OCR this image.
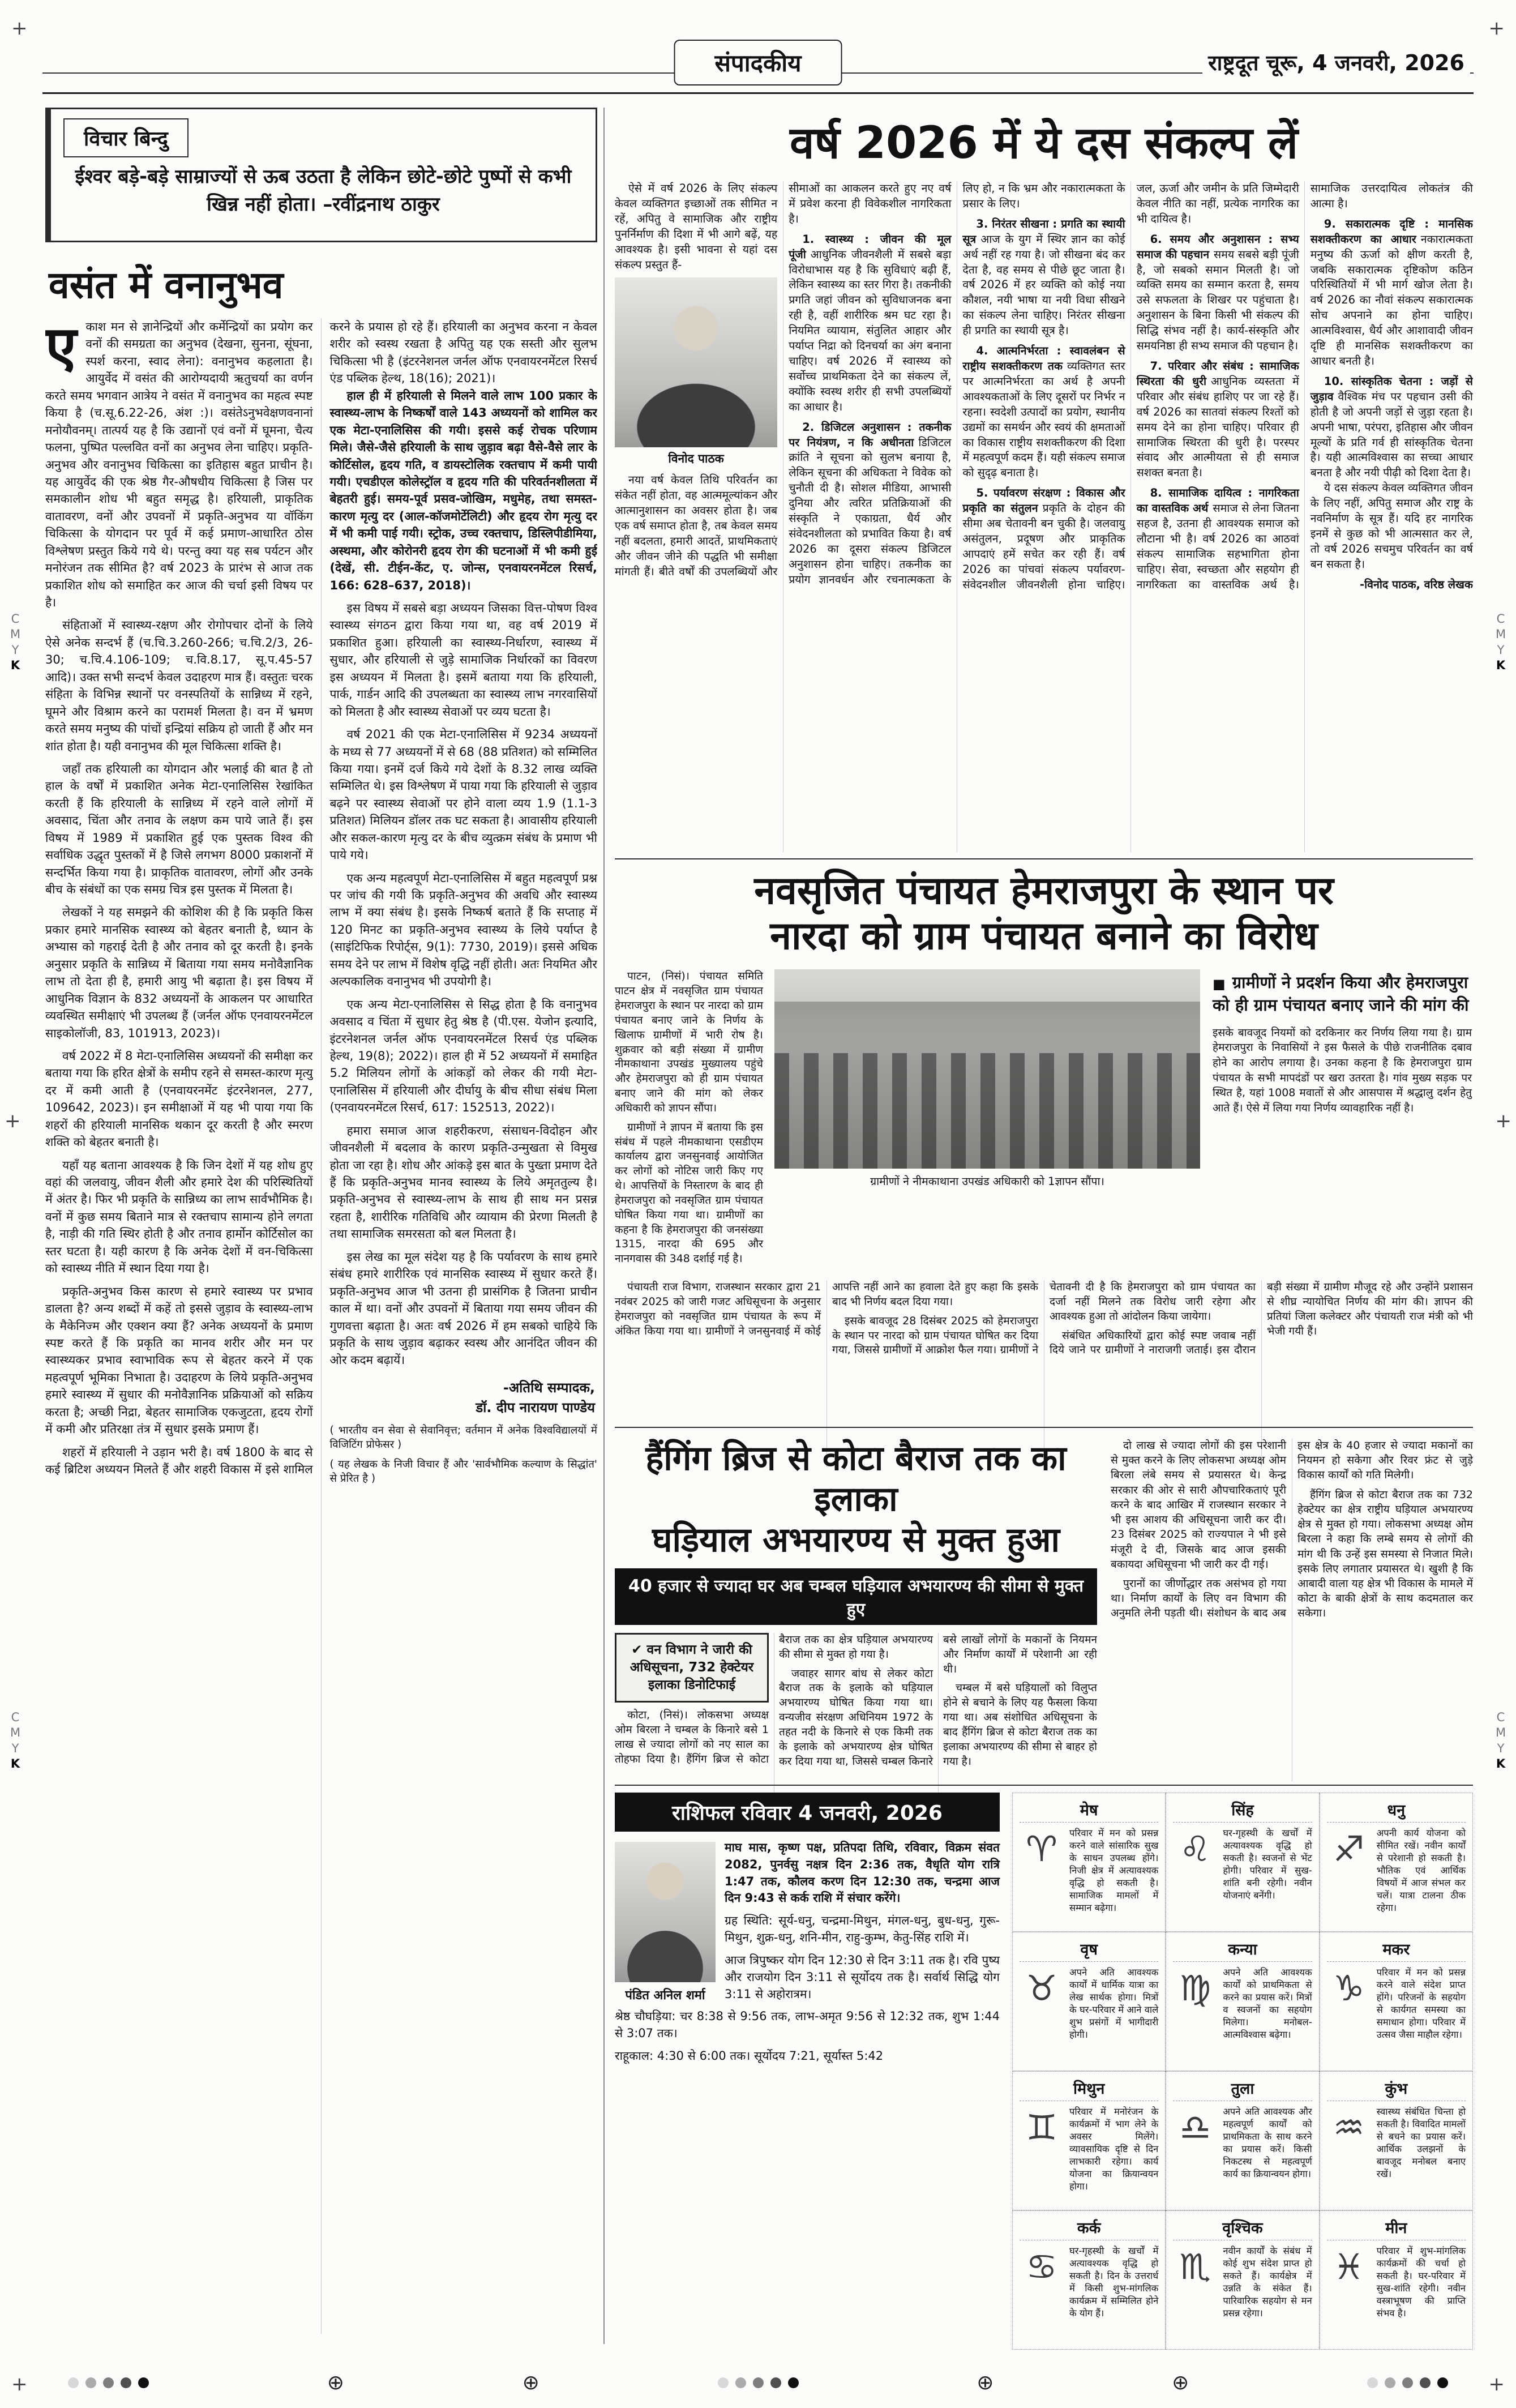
+	+
+	+
+	+
C
M
Y
K
C
M
Y
K
C
M
Y
K
C
M
Y
K
संपादकीय	राष्ट्रदूत चूरू, 4 जनवरी, 2026
विचार बिन्दु
ईश्वर बड़े-बड़े साम्राज्यों से ऊब उठता है लेकिन छोटे-छोटे पुष्पों से कभी खिन्न नहीं होता। –रवींद्रनाथ ठाकुर
वसंत में वनानुभव

एकाश मन से ज्ञानेन्द्रियों और कर्मेन्द्रियों का प्रयोग कर वनों की समग्रता का अनुभव (देखना, सुनना, सूंघना, स्पर्श करना, स्वाद लेना): वनानुभव कहलाता है। आयुर्वेद में वसंत की आरोग्यदायी ऋतुचर्या का वर्णन करते समय भगवान आत्रेय ने वसंत में वनानुभव का महत्व स्पष्ट किया है (च.सू.6.22-26, अंश :)। वसंतेऽनुभवेक्षणवनानां मनोयौवनम्। तात्पर्य यह है कि उद्यानों एवं वनों में घूमना, चैत्य फलना, पुष्पित पल्लवित वनों का अनुभव लेना चाहिए। प्रकृति-अनुभव और वनानुभव चिकित्सा का इतिहास बहुत प्राचीन है। यह आयुर्वेद की एक श्रेष्ठ गैर-औषधीय चिकित्सा है जिस पर समकालीन शोध भी बहुत समृद्ध है। हरियाली, प्राकृतिक वातावरण, वनों और उपवनों में प्रकृति-अनुभव या वॉकिंग चिकित्सा के योगदान पर पूर्व में कई प्रमाण-आधारित ठोस विश्लेषण प्रस्तुत किये गये थे। परन्तु क्या यह सब पर्यटन और मनोरंजन तक सीमित है? वर्ष 2023 के प्रारंभ से आज तक प्रकाशित शोध को समाहित कर आज की चर्चा इसी विषय पर है।

संहिताओं में स्वास्थ्य-रक्षण और रोगोपचार दोनों के लिये ऐसे अनेक सन्दर्भ हैं (च.चि.3.260-266; च.चि.2/3, 26-30; च.चि.4.106-109; च.वि.8.17, सू.प.45-57 आदि)। उक्त सभी सन्दर्भ केवल उदाहरण मात्र हैं। वस्तुतः चरक संहिता के विभिन्न स्थानों पर वनस्पतियों के सान्निध्य में रहने, घूमने और विश्राम करने का परामर्श मिलता है। वन में भ्रमण करते समय मनुष्य की पांचों इन्द्रियां सक्रिय हो जाती हैं और मन शांत होता है। यही वनानुभव की मूल चिकित्सा शक्ति है।

जहाँ तक हरियाली का योगदान और भलाई की बात है तो हाल के वर्षों में प्रकाशित अनेक मेटा-एनालिसिस रेखांकित करती हैं कि हरियाली के सान्निध्य में रहने वाले लोगों में अवसाद, चिंता और तनाव के लक्षण कम पाये जाते हैं। इस विषय में 1989 में प्रकाशित हुई एक पुस्तक विश्व की सर्वाधिक उद्धृत पुस्तकों में है जिसे लगभग 8000 प्रकाशनों में सन्दर्भित किया गया है। प्राकृतिक वातावरण, लोगों और उनके बीच के संबंधों का एक समग्र चित्र इस पुस्तक में मिलता है।

लेखकों ने यह समझने की कोशिश की है कि प्रकृति किस प्रकार हमारे मानसिक स्वास्थ्य को बेहतर बनाती है, ध्यान के अभ्यास को गहराई देती है और तनाव को दूर करती है। इनके अनुसार प्रकृति के सान्निध्य में बिताया गया समय मनोवैज्ञानिक लाभ तो देता ही है, हमारी आयु भी बढ़ाता है। इस विषय में आधुनिक विज्ञान के 832 अध्ययनों के आकलन पर आधारित व्यवस्थित समीक्षाएं भी उपलब्ध हैं (जर्नल ऑफ एनवायरनमेंटल साइकोलॉजी, 83, 101913, 2023)।

वर्ष 2022 में 8 मेटा-एनालिसिस अध्ययनों की समीक्षा कर बताया गया कि हरित क्षेत्रों के समीप रहने से समस्त-कारण मृत्यु दर में कमी आती है (एनवायरनमेंट इंटरनेशनल, 277, 109642, 2023)। इन समीक्षाओं में यह भी पाया गया कि शहरों की हरियाली मानसिक थकान दूर करती है और स्मरण शक्ति को बेहतर बनाती है।

यहाँ यह बताना आवश्यक है कि जिन देशों में यह शोध हुए वहां की जलवायु, जीवन शैली और हमारे देश की परिस्थितियों में अंतर है। फिर भी प्रकृति के सान्निध्य का लाभ सार्वभौमिक है। वनों में कुछ समय बिताने मात्र से रक्तचाप सामान्य होने लगता है, नाड़ी की गति स्थिर होती है और तनाव हार्मोन कोर्टिसोल का स्तर घटता है। यही कारण है कि अनेक देशों में वन-चिकित्सा को स्वास्थ्य नीति में स्थान दिया गया है।

प्रकृति-अनुभव किस कारण से हमारे स्वास्थ्य पर प्रभाव डालता है? अन्य शब्दों में कहें तो इससे जुड़ाव के स्वास्थ्य-लाभ के मैकेनिज्म और एक्शन क्या हैं? अनेक अध्ययनों के प्रमाण स्पष्ट करते हैं कि प्रकृति का मानव शरीर और मन पर स्वास्थ्यकर प्रभाव स्वाभाविक रूप से बेहतर करने में एक महत्वपूर्ण भूमिका निभाता है। उदाहरण के लिये प्रकृति-अनुभव हमारे स्वास्थ्य में सुधार की मनोवैज्ञानिक प्रक्रियाओं को सक्रिय करता है; अच्छी निद्रा, बेहतर सामाजिक एकजुटता, हृदय रोगों में कमी और प्रतिरक्षा तंत्र में सुधार इसके प्रमाण हैं।

शहरों में हरियाली ने उड़ान भरी है। वर्ष 1800 के बाद से कई ब्रिटिश अध्ययन मिलते हैं और शहरी विकास में इसे शामिल करने के प्रयास हो रहे हैं। हरियाली का अनुभव करना न केवल शरीर को स्वस्थ रखता है अपितु यह एक सस्ती और सुलभ चिकित्सा भी है (इंटरनेशनल जर्नल ऑफ एनवायरनमेंटल रिसर्च एंड पब्लिक हेल्थ, 18(16); 2021)।

हाल ही में हरियाली से मिलने वाले लाभ 100 प्रकार के स्वास्थ्य-लाभ के निष्कर्षों वाले 143 अध्ययनों को शामिल कर एक मेटा-एनालिसिस की गयी। इससे कई रोचक परिणाम मिले। जैसे-जैसे हरियाली के साथ जुड़ाव बढ़ा वैसे-वैसे लार के कोर्टिसोल, हृदय गति, व डायस्टोलिक रक्तचाप में कमी पायी गयी। एचडीएल कोलेस्ट्रॉल व हृदय गति की परिवर्तनशीलता में बेहतरी हुई। समय-पूर्व प्रसव-जोखिम, मधुमेह, तथा समस्त-कारण मृत्यु दर (आल-कॉजमोर्टेलिटी) और हृदय रोग मृत्यु दर में भी कमी पाई गयी। स्ट्रोक, उच्च रक्तचाप, डिस्लिपीडीमिया, अस्थमा, और कोरोनरी हृदय रोग की घटनाओं में भी कमी हुई (देखें, सी. टीईन-केंट, ए. जोन्स, एनवायरनमेंटल रिसर्च, 166: 628–637, 2018)।

इस विषय में सबसे बड़ा अध्ययन जिसका वित्त-पोषण विश्व स्वास्थ्य संगठन द्वारा किया गया था, वह वर्ष 2019 में प्रकाशित हुआ। हरियाली का स्वास्थ्य-निर्धारण, स्वास्थ्य में सुधार, और हरियाली से जुड़े सामाजिक निर्धारकों का विवरण इस अध्ययन में मिलता है। इसमें बताया गया कि हरियाली, पार्क, गार्डन आदि की उपलब्धता का स्वास्थ्य लाभ नगरवासियों को मिलता है और स्वास्थ्य सेवाओं पर व्यय घटता है।

वर्ष 2021 की एक मेटा-एनालिसिस में 9234 अध्ययनों के मध्य से 77 अध्ययनों में से 68 (88 प्रतिशत) को सम्मिलित किया गया। इनमें दर्ज किये गये देशों के 8.32 लाख व्यक्ति सम्मिलित थे। इस विश्लेषण में पाया गया कि हरियाली से जुड़ाव बढ़ने पर स्वास्थ्य सेवाओं पर होने वाला व्यय 1.9 (1.1-3 प्रतिशत) मिलियन डॉलर तक घट सकता है। आवासीय हरियाली और सकल-कारण मृत्यु दर के बीच व्युत्क्रम संबंध के प्रमाण भी पाये गये।

एक अन्य महत्वपूर्ण मेटा-एनालिसिस में बहुत महत्वपूर्ण प्रश्न पर जांच की गयी कि प्रकृति-अनुभव की अवधि और स्वास्थ्य लाभ में क्या संबंध है। इसके निष्कर्ष बताते हैं कि सप्ताह में 120 मिनट का प्रकृति-अनुभव स्वास्थ्य के लिये पर्याप्त है (साइंटिफिक रिपोर्ट्स, 9(1): 7730, 2019)। इससे अधिक समय देने पर लाभ में विशेष वृद्धि नहीं होती। अतः नियमित और अल्पकालिक वनानुभव भी उपयोगी है।

एक अन्य मेटा-एनालिसिस से सिद्ध होता है कि वनानुभव अवसाद व चिंता में सुधार हेतु श्रेष्ठ है (पी.एस. येजोन इत्यादि, इंटरनेशनल जर्नल ऑफ एनवायरनमेंटल रिसर्च एंड पब्लिक हेल्थ, 19(8); 2022)। हाल ही में 52 अध्ययनों में समाहित 5.2 मिलियन लोगों के आंकड़ों को लेकर की गयी मेटा-एनालिसिस में हरियाली और दीर्घायु के बीच सीधा संबंध मिला (एनवायरनमेंटल रिसर्च, 617: 152513, 2022)।

हमारा समाज आज शहरीकरण, संसाधन-विदोहन और जीवनशैली में बदलाव के कारण प्रकृति-उन्मुखता से विमुख होता जा रहा है। शोध और आंकड़े इस बात के पुख्ता प्रमाण देते हैं कि प्रकृति-अनुभव मानव स्वास्थ्य के लिये अमृततुल्य है। प्रकृति-अनुभव से स्वास्थ्य-लाभ के साथ ही साथ मन प्रसन्न रहता है, शारीरिक गतिविधि और व्यायाम की प्रेरणा मिलती है तथा सामाजिक समरसता को बल मिलता है।

इस लेख का मूल संदेश यह है कि पर्यावरण के साथ हमारे संबंध हमारे शारीरिक एवं मानसिक स्वास्थ्य में सुधार करते हैं। प्रकृति-अनुभव आज भी उतना ही प्रासंगिक है जितना प्राचीन काल में था। वनों और उपवनों में बिताया गया समय जीवन की गुणवत्ता बढ़ाता है। अतः वर्ष 2026 में हम सबको चाहिये कि प्रकृति के साथ जुड़ाव बढ़ाकर स्वस्थ और आनंदित जीवन की ओर कदम बढ़ायें।

-अतिथि सम्पादक,
डॉ. दीप नारायण पाण्डेय

( भारतीय वन सेवा से सेवानिवृत्त; वर्तमान में अनेक विश्वविद्यालयों में विजिटिंग प्रोफेसर )

( यह लेखक के निजी विचार हैं और 'सार्वभौमिक कल्याण के सिद्धांत' से प्रेरित है )

वर्ष 2026 में ये दस संकल्प लें

ऐसे में वर्ष 2026 के लिए संकल्प केवल व्यक्तिगत इच्छाओं तक सीमित न रहें, अपितु वे सामाजिक और राष्ट्रीय पुनर्निर्माण की दिशा में भी आगे बढ़ें, यह आवश्यक है। इसी भावना से यहां दस संकल्प प्रस्तुत हैं-

विनोद पाठक

नया वर्ष केवल तिथि परिवर्तन का संकेत नहीं होता, वह आत्ममूल्यांकन और आत्मानुशासन का अवसर होता है। जब एक वर्ष समाप्त होता है, तब केवल समय नहीं बदलता, हमारी आदतें, प्राथमिकताएं और जीवन जीने की पद्धति भी समीक्षा मांगती हैं। बीते वर्षों की उपलब्धियों और सीमाओं का आकलन करते हुए नए वर्ष में प्रवेश करना ही विवेकशील नागरिकता है।

1. स्वास्थ्य : जीवन की मूल पूंजी आधुनिक जीवनशैली में सबसे बड़ा विरोधाभास यह है कि सुविधाएं बढ़ी हैं, लेकिन स्वास्थ्य का स्तर गिरा है। तकनीकी प्रगति जहां जीवन को सुविधाजनक बना रही है, वहीं शारीरिक श्रम घट रहा है। नियमित व्यायाम, संतुलित आहार और पर्याप्त निद्रा को दिनचर्या का अंग बनाना चाहिए। वर्ष 2026 में स्वास्थ्य को सर्वोच्च प्राथमिकता देने का संकल्प लें, क्योंकि स्वस्थ शरीर ही सभी उपलब्धियों का आधार है।

2. डिजिटल अनुशासन : तकनीक पर नियंत्रण, न कि अधीनता डिजिटल क्रांति ने सूचना को सुलभ बनाया है, लेकिन सूचना की अधिकता ने विवेक को चुनौती दी है। सोशल मीडिया, आभासी दुनिया और त्वरित प्रतिक्रियाओं की संस्कृति ने एकाग्रता, धैर्य और संवेदनशीलता को प्रभावित किया है। वर्ष 2026 का दूसरा संकल्प डिजिटल अनुशासन होना चाहिए। तकनीक का प्रयोग ज्ञानवर्धन और रचनात्मकता के लिए हो, न कि भ्रम और नकारात्मकता के प्रसार के लिए।

3. निरंतर सीखना : प्रगति का स्थायी सूत्र आज के युग में स्थिर ज्ञान का कोई अर्थ नहीं रह गया है। जो सीखना बंद कर देता है, वह समय से पीछे छूट जाता है। वर्ष 2026 में हर व्यक्ति को कोई नया कौशल, नयी भाषा या नयी विधा सीखने का संकल्प लेना चाहिए। निरंतर सीखना ही प्रगति का स्थायी सूत्र है।

4. आत्मनिर्भरता : स्वावलंबन से राष्ट्रीय सशक्तीकरण तक व्यक्तिगत स्तर पर आत्मनिर्भरता का अर्थ है अपनी आवश्यकताओं के लिए दूसरों पर निर्भर न रहना। स्वदेशी उत्पादों का प्रयोग, स्थानीय उद्यमों का समर्थन और स्वयं की क्षमताओं का विकास राष्ट्रीय सशक्तीकरण की दिशा में महत्वपूर्ण कदम हैं। यही संकल्प समाज को सुदृढ़ बनाता है।

5. पर्यावरण संरक्षण : विकास और प्रकृति का संतुलन प्रकृति के दोहन की सीमा अब चेतावनी बन चुकी है। जलवायु असंतुलन, प्रदूषण और प्राकृतिक आपदाएं हमें सचेत कर रही हैं। वर्ष 2026 का पांचवां संकल्प पर्यावरण-संवेदनशील जीवनशैली होना चाहिए। जल, ऊर्जा और जमीन के प्रति जिम्मेदारी केवल नीति का नहीं, प्रत्येक नागरिक का भी दायित्व है।

6. समय और अनुशासन : सभ्य समाज की पहचान समय सबसे बड़ी पूंजी है, जो सबको समान मिलती है। जो व्यक्ति समय का सम्मान करता है, समय उसे सफलता के शिखर पर पहुंचाता है। अनुशासन के बिना किसी भी संकल्प की सिद्धि संभव नहीं है। कार्य-संस्कृति और समयनिष्ठा ही सभ्य समाज की पहचान है।

7. परिवार और संबंध : सामाजिक स्थिरता की धुरी आधुनिक व्यस्तता में परिवार और संबंध हाशिए पर जा रहे हैं। वर्ष 2026 का सातवां संकल्प रिश्तों को समय देने का होना चाहिए। परिवार ही सामाजिक स्थिरता की धुरी है। परस्पर संवाद और आत्मीयता से ही समाज सशक्त बनता है।

8. सामाजिक दायित्व : नागरिकता का वास्तविक अर्थ समाज से लेना जितना सहज है, उतना ही आवश्यक समाज को लौटाना भी है। वर्ष 2026 का आठवां संकल्प सामाजिक सहभागिता होना चाहिए। सेवा, स्वच्छता और सहयोग ही नागरिकता का वास्तविक अर्थ है। सामाजिक उत्तरदायित्व लोकतंत्र की आत्मा है।

9. सकारात्मक दृष्टि : मानसिक सशक्तीकरण का आधार नकारात्मकता मनुष्य की ऊर्जा को क्षीण करती है, जबकि सकारात्मक दृष्टिकोण कठिन परिस्थितियों में भी मार्ग खोज लेता है। वर्ष 2026 का नौवां संकल्प सकारात्मक सोच अपनाने का होना चाहिए। आत्मविश्वास, धैर्य और आशावादी जीवन दृष्टि ही मानसिक सशक्तीकरण का आधार बनती है।

10. सांस्कृतिक चेतना : जड़ों से जुड़ाव वैश्विक मंच पर पहचान उसी की होती है जो अपनी जड़ों से जुड़ा रहता है। अपनी भाषा, परंपरा, इतिहास और जीवन मूल्यों के प्रति गर्व ही सांस्कृतिक चेतना है। यही आत्मविश्वास का सच्चा आधार बनता है और नयी पीढ़ी को दिशा देता है।

ये दस संकल्प केवल व्यक्तिगत जीवन के लिए नहीं, अपितु समाज और राष्ट्र के नवनिर्माण के सूत्र हैं। यदि हर नागरिक इनमें से कुछ को भी आत्मसात कर ले, तो वर्ष 2026 सचमुच परिवर्तन का वर्ष बन सकता है।

-विनोद पाठक, वरिष्ठ लेखक

नवसृजित पंचायत हेमराजपुरा के स्थान पर
नारदा को ग्राम पंचायत बनाने का विरोध

पाटन, (निसं)। पंचायत समिति पाटन क्षेत्र में नवसृजित ग्राम पंचायत हेमराजपुरा के स्थान पर नारदा को ग्राम पंचायत बनाए जाने के निर्णय के खिलाफ ग्रामीणों में भारी रोष है। शुक्रवार को बड़ी संख्या में ग्रामीण नीमकाथाना उपखंड मुख्यालय पहुंचे और हेमराजपुरा को ही ग्राम पंचायत बनाए जाने की मांग को लेकर अधिकारी को ज्ञापन सौंपा।

ग्रामीणों ने ज्ञापन में बताया कि इस संबंध में पहले नीमकाथाना एसडीएम कार्यालय द्वारा जनसुनवाई आयोजित कर लोगों को नोटिस जारी किए गए थे। आपत्तियों के निस्तारण के बाद ही हेमराजपुरा को नवसृजित ग्राम पंचायत घोषित किया गया था। ग्रामीणों का कहना है कि हेमराजपुरा की जनसंख्या 1315, नारदा की 695 और नानगवास की 348 दर्शाई गई है।

ग्रामीणों ने नीमकाथाना उपखंड अधिकारी को 1ज्ञापन सौंपा।
■ ग्रामीणों ने प्रदर्शन किया और हेमराजपुरा को ही ग्राम पंचायत बनाए जाने की मांग की

इसके बावजूद नियमों को दरकिनार कर निर्णय लिया गया है। ग्राम हेमराजपुरा के निवासियों ने इस फैसले के पीछे राजनीतिक दबाव होने का आरोप लगाया है। उनका कहना है कि हेमराजपुरा ग्राम पंचायत के सभी मापदंडों पर खरा उतरता है। गांव मुख्य सड़क पर स्थित है, यहां 1008 मवातों से और आसपास में श्रद्धालु दर्शन हेतु आते हैं। ऐसे में लिया गया निर्णय व्यावहारिक नहीं है।

पंचायती राज विभाग, राजस्थान सरकार द्वारा 21 नवंबर 2025 को जारी गजट अधिसूचना के अनुसार हेमराजपुरा को नवसृजित ग्राम पंचायत के रूप में अंकित किया गया था। ग्रामीणों ने जनसुनवाई में कोई आपत्ति नहीं आने का हवाला देते हुए कहा कि इसके बाद भी निर्णय बदल दिया गया।

इसके बावजूद 28 दिसंबर 2025 को हेमराजपुरा के स्थान पर नारदा को ग्राम पंचायत घोषित कर दिया गया, जिससे ग्रामीणों में आक्रोश फैल गया। ग्रामीणों ने चेतावनी दी है कि हेमराजपुरा को ग्राम पंचायत का दर्जा नहीं मिलने तक विरोध जारी रहेगा और आवश्यक हुआ तो आंदोलन किया जायेगा।

संबंधित अधिकारियों द्वारा कोई स्पष्ट जवाब नहीं दिये जाने पर ग्रामीणों ने नाराजगी जताई। इस दौरान बड़ी संख्या में ग्रामीण मौजूद रहे और उन्होंने प्रशासन से शीघ्र न्यायोचित निर्णय की मांग की। ज्ञापन की प्रतियां जिला कलेक्टर और पंचायती राज मंत्री को भी भेजी गयी हैं।

हैंगिंग ब्रिज से कोटा बैराज तक का इलाका
घड़ियाल अभयारण्य से मुक्त हुआ
40 हजार से ज्यादा घर अब चम्बल घड़ियाल अभयारण्य की सीमा से मुक्त हुए
✔ वन विभाग ने जारी की अधिसूचना, 732 हेक्टेयर इलाका डिनोटिफाई

कोटा, (निसं)। लोकसभा अध्यक्ष ओम बिरला ने चम्बल के किनारे बसे 1 लाख से ज्यादा लोगों को नए साल का तोहफा दिया है। हैंगिंग ब्रिज से कोटा बैराज तक का क्षेत्र घड़ियाल अभयारण्य की सीमा से मुक्त हो गया है।

जवाहर सागर बांध से लेकर कोटा बैराज तक के इलाके को घड़ियाल अभयारण्य घोषित किया गया था। वन्यजीव संरक्षण अधिनियम 1972 के तहत नदी के किनारे से एक किमी तक के इलाके को अभयारण्य क्षेत्र घोषित कर दिया गया था, जिससे चम्बल किनारे बसे लाखों लोगों के मकानों के नियमन और निर्माण कार्यों में परेशानी आ रही थी।

चम्बल में बसे घड़ियालों को विलुप्त होने से बचाने के लिए यह फैसला किया गया था। अब संशोधित अधिसूचना के बाद हैंगिंग ब्रिज से कोटा बैराज तक का इलाका अभयारण्य की सीमा से बाहर हो गया है।

दो लाख से ज्यादा लोगों की इस परेशानी से मुक्त करने के लिए लोकसभा अध्यक्ष ओम बिरला लंबे समय से प्रयासरत थे। केन्द्र सरकार की ओर से सारी औपचारिकताएं पूरी करने के बाद आखिर में राजस्थान सरकार ने भी इस आशय की अधिसूचना जारी कर दी। 23 दिसंबर 2025 को राज्यपाल ने भी इसे मंजूरी दे दी, जिसके बाद आज इसकी बकायदा अधिसूचना भी जारी कर दी गई।

पुरानों का जीर्णोद्धार तक असंभव हो गया था। निर्माण कार्यों के लिए वन विभाग की अनुमति लेनी पड़ती थी। संशोधन के बाद अब इस क्षेत्र के 40 हजार से ज्यादा मकानों का नियमन हो सकेगा और रिवर फ्रंट से जुड़े विकास कार्यों को गति मिलेगी।

हैंगिंग ब्रिज से कोटा बैराज तक का 732 हेक्टेयर का क्षेत्र राष्ट्रीय घड़ियाल अभयारण्य क्षेत्र से मुक्त हो गया। लोकसभा अध्यक्ष ओम बिरला ने कहा कि लम्बे समय से लोगों की मांग थी कि उन्हें इस समस्या से निजात मिले। इसके लिए लगातार प्रयासरत थे। खुशी है कि आबादी वाला यह क्षेत्र भी विकास के मामले में कोटा के बाकी क्षेत्रों के साथ कदमताल कर सकेगा।

राशिफल रविवार 4 जनवरी, 2026
पंडित अनिल शर्मा

माघ मास, कृष्ण पक्ष, प्रतिपदा तिथि, रविवार, विक्रम संवत 2082, पुनर्वसु नक्षत्र दिन 2:36 तक, वैधृति योग रात्रि 1:47 तक, कौलव करण दिन 12:30 तक, चन्द्रमा आज दिन 9:43 से कर्क राशि में संचार करेंगे।

ग्रह स्थिति: सूर्य-धनु, चन्द्रमा-मिथुन, मंगल-धनु, बुध-धनु, गुरू-मिथुन, शुक्र-धनु, शनि-मीन, राहु-कुम्भ, केतु-सिंह राशि में।

आज त्रिपुष्कर योग दिन 12:30 से दिन 3:11 तक है। रवि पुष्य और राजयोग दिन 3:11 से सूर्योदय तक है। सर्वार्थ सिद्धि योग 3:11 से अहोरात्रम।

श्रेष्ठ चौघड़िया: चर 8:38 से 9:56 तक, लाभ-अमृत 9:56 से 12:32 तक, शुभ 1:44 से 3:07 तक।

राहूकाल: 4:30 से 6:00 तक। सूर्योदय 7:21, सूर्यास्त 5:42

मेष
♈	परिवार में मन को प्रसन्न करने वाले सांसारिक सुख के साधन उपलब्ध होंगे। निजी क्षेत्र में अत्यावश्यक वृद्धि हो सकती है। सामाजिक मामलों में सम्मान बढ़ेगा।

सिंह
♌	घर-गृहस्थी के खर्चों में अत्यावश्यक वृद्धि हो सकती है। स्वजनों से भेंट होगी। परिवार में सुख-शांति बनी रहेगी। नवीन योजनाएं बनेंगी।

धनु
♐	अपनी कार्य योजना को सीमित रखें। नवीन कार्यों से परेशानी हो सकती है। भौतिक एवं आर्थिक विषयों में आज संभल कर चलें। यात्रा टालना ठीक रहेगा।

वृष
♉	अपने अति आवश्यक कार्यों में धार्मिक यात्रा का लेख सार्थक होगा। मित्रों के घर-परिवार में आने वाले शुभ प्रसंगों में भागीदारी होगी।

कन्या
♍	अपने अति आवश्यक कार्यों को प्राथमिकता से करने का प्रयास करें। मित्रों व स्वजनों का सहयोग मिलेगा। मनोबल-आत्मविश्वास बढ़ेगा।

मकर
♑	परिवार में मन को प्रसन्न करने वाले संदेश प्राप्त होंगे। परिजनों के सहयोग से कार्यगत समस्या का समाधान होगा। परिवार में उत्सव जैसा माहौल रहेगा।

मिथुन
♊	परिवार में मनोरंजन के कार्यक्रमों में भाग लेने के अवसर मिलेंगे। व्यावसायिक दृष्टि से दिन लाभकारी रहेगा। कार्य योजना का क्रियान्वयन होगा।

तुला
♎	अपने अति आवश्यक और महत्वपूर्ण कार्यों को प्राथमिकता के साथ करने का प्रयास करें। किसी निकटस्थ से महत्वपूर्ण कार्य का क्रियान्वयन होगा।

कुंभ
♒	स्वास्थ्य संबंधित चिन्ता हो सकती है। विवादित मामलों से बचने का प्रयास करें। आर्थिक उलझनों के बावजूद मनोबल बनाए रखें।

कर्क
♋	घर-गृहस्थी के खर्चों में अत्यावश्यक वृद्धि हो सकती है। दिन के उत्तरार्ध में किसी शुभ-मांगलिक कार्यक्रम में सम्मिलित होने के योग हैं।

वृश्चिक
♏	नवीन कार्यों के संबंध में कोई शुभ संदेश प्राप्त हो सकते हैं। कार्यक्षेत्र में उन्नति के संकेत हैं। पारिवारिक सहयोग से मन प्रसन्न रहेगा।

मीन
♓	परिवार में शुभ-मांगलिक कार्यक्रमों की चर्चा हो सकती है। घर-परिवार में सुख-शांति रहेगी। नवीन वस्त्राभूषण की प्राप्ति संभव है।

⊕	⊕	⊕	⊕
